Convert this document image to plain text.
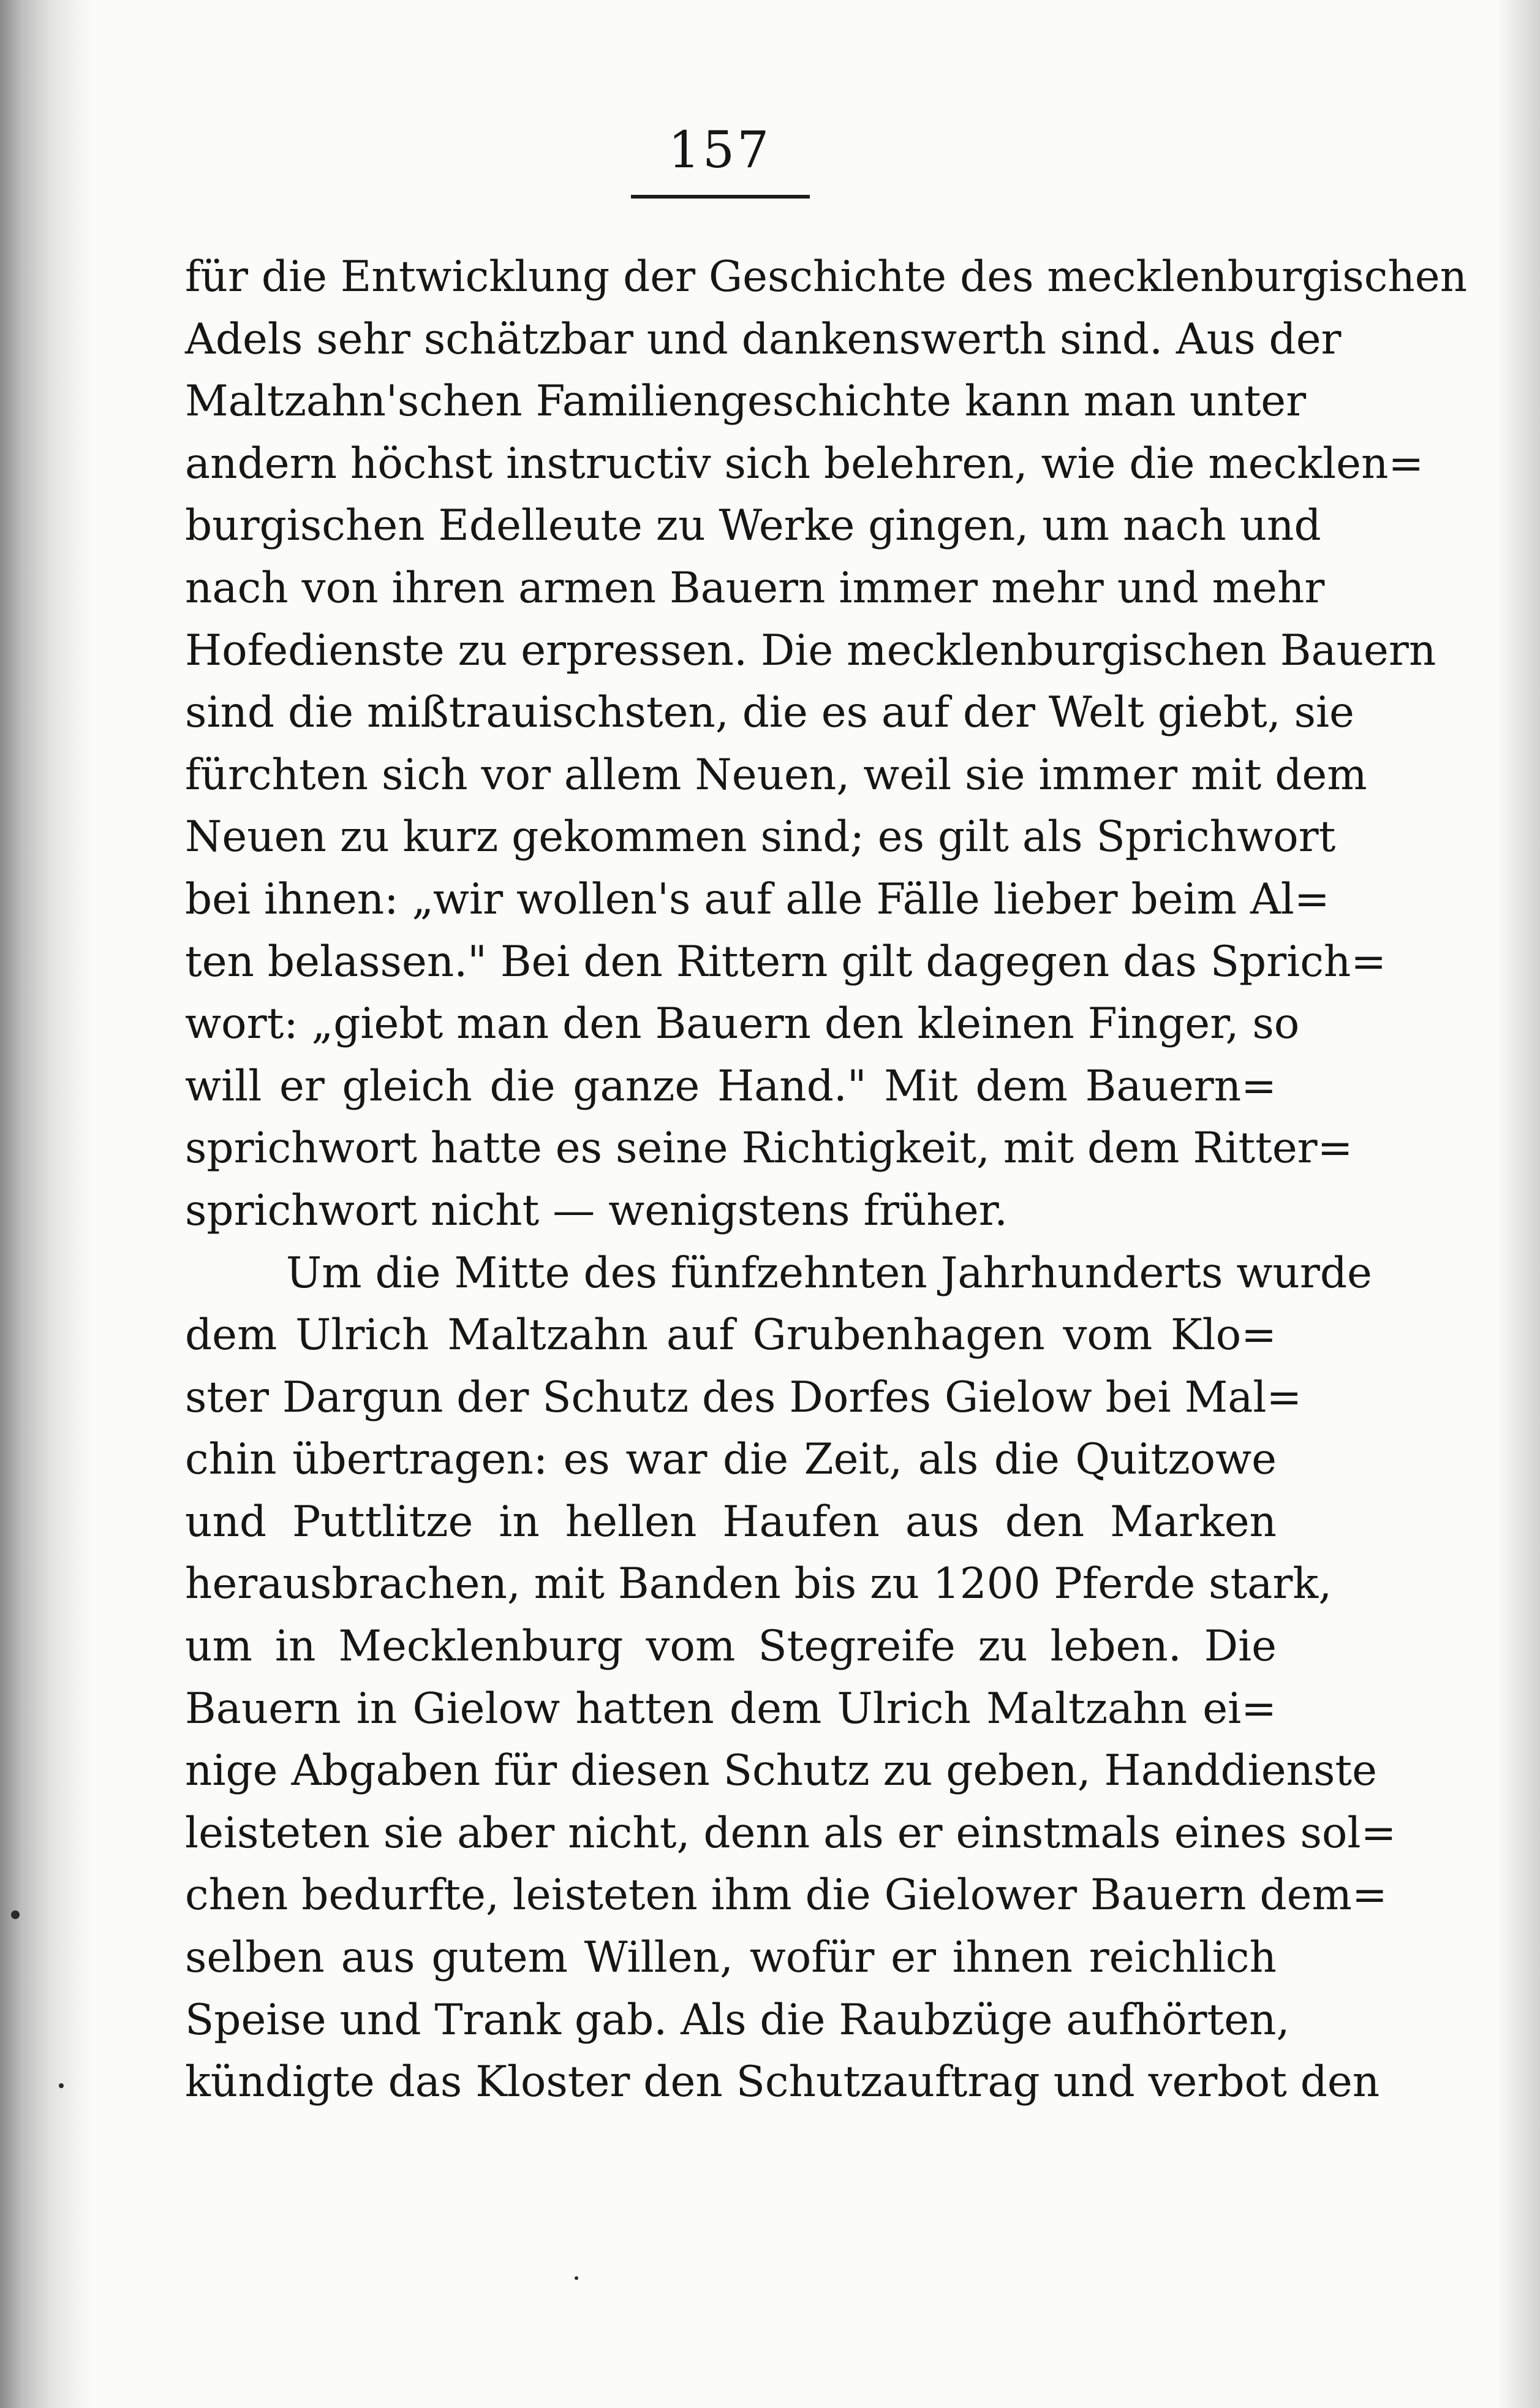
157
für die Entwicklung der Geschichte des mecklenburgischen
Adels sehr schätzbar und dankenswerth sind. Aus der
Maltzahn'schen Familiengeschichte kann man unter
andern höchst instructiv sich belehren, wie die mecklen=
burgischen Edelleute zu Werke gingen, um nach und
nach von ihren armen Bauern immer mehr und mehr
Hofedienste zu erpressen. Die mecklenburgischen Bauern
sind die mißtrauischsten, die es auf der Welt giebt, sie
fürchten sich vor allem Neuen, weil sie immer mit dem
Neuen zu kurz gekommen sind; es gilt als Sprichwort
bei ihnen: „wir wollen's auf alle Fälle lieber beim Al=
ten belassen." Bei den Rittern gilt dagegen das Sprich=
wort: „giebt man den Bauern den kleinen Finger, so
will er gleich die ganze Hand." Mit dem Bauern=
sprichwort hatte es seine Richtigkeit, mit dem Ritter=
sprichwort nicht — wenigstens früher.
Um die Mitte des fünfzehnten Jahrhunderts wurde
dem Ulrich Maltzahn auf Grubenhagen vom Klo=
ster Dargun der Schutz des Dorfes Gielow bei Mal=
chin übertragen: es war die Zeit, als die Quitzowe
und Puttlitze in hellen Haufen aus den Marken
herausbrachen, mit Banden bis zu 1200 Pferde stark,
um in Mecklenburg vom Stegreife zu leben. Die
Bauern in Gielow hatten dem Ulrich Maltzahn ei=
nige Abgaben für diesen Schutz zu geben, Handdienste
leisteten sie aber nicht, denn als er einstmals eines sol=
chen bedurfte, leisteten ihm die Gielower Bauern dem=
selben aus gutem Willen, wofür er ihnen reichlich
Speise und Trank gab. Als die Raubzüge aufhörten,
kündigte das Kloster den Schutzauftrag und verbot den
